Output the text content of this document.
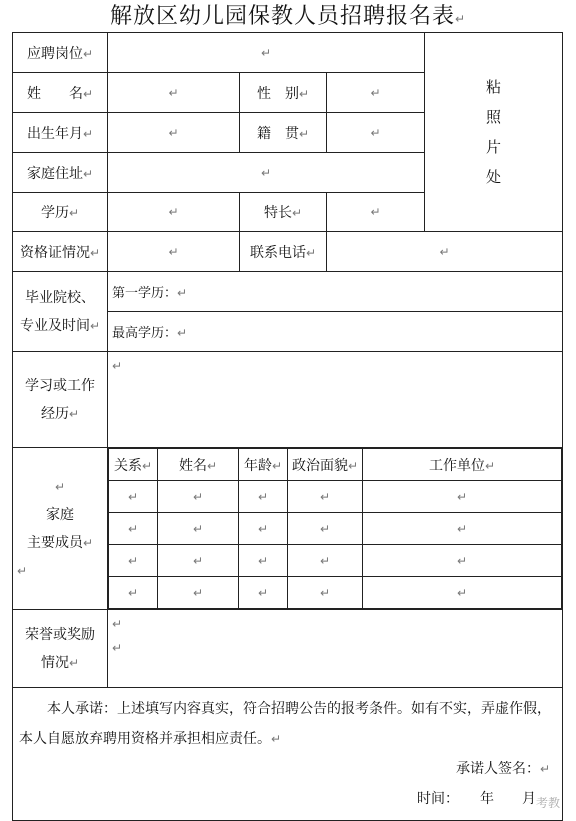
解放区幼儿园保教人员招聘报名表↵
应聘岗位↵	↵	
粘
照
片
处

姓　　名↵	↵	性　别↵	↵
出生年月↵	↵	籍　贯↵	↵
家庭住址↵	↵
学历↵	↵	特长↵	↵
资格证情况↵	↵	联系电话↵	↵

毕业院校、
专业及时间↵
	第一学历：↵
最高学历：↵

学习或工作
经历↵
	↵

↵
家庭
主要成员↵
↵

关系↵	姓名↵	年龄↵	政治面貌↵	工作单位↵
↵	↵	↵	↵	↵
↵	↵	↵	↵	↵
↵	↵	↵	↵	↵
↵	↵	↵	↵	↵

荣誉或奖励
情况↵

↵
↵

本人承诺：上述填写内容真实，符合招聘公告的报考条件。如有不实，弄虚作假，本人自愿放弃聘用资格并承担相应责任。↵

承诺人签名：↵
时间：　　年　　月 考教
